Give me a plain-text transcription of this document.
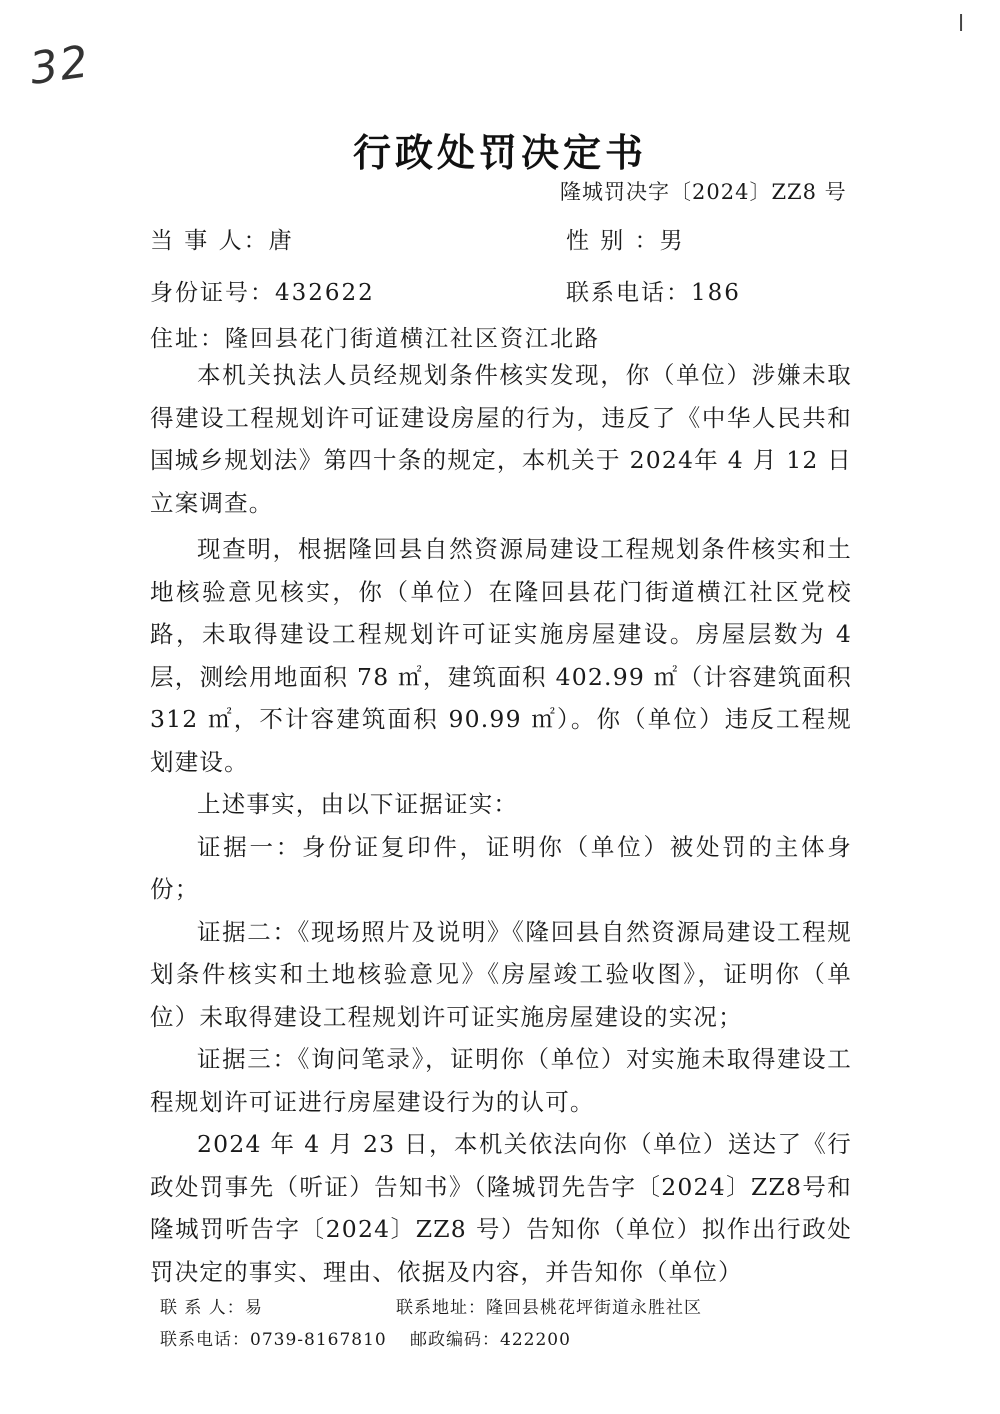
32
l
行政处罚决定书
隆城罚决字〔2024〕ZZ8 号
当 事 人：唐	性 别 ：男
身份证号：432622	联系电话：186
住址：隆回县花门街道横江社区资江北路

本机关执法人员经规划条件核实发现，你（单位）涉嫌未取得建设工程规划许可证建设房屋的行为，违反了《中华人民共和国城乡规划法》第四十条的规定，本机关于 2024年 4 月 12 日立案调查。

现查明，根据隆回县自然资源局建设工程规划条件核实和土地核验意见核实，你（单位）在隆回县花门街道横江社区党校路，未取得建设工程规划许可证实施房屋建设。房屋层数为 4 层，测绘用地面积 78 ㎡，建筑面积 402.99 ㎡（计容建筑面积 312 ㎡，不计容建筑面积 90.99 ㎡）。你（单位）违反工程规划建设。

上述事实，由以下证据证实：

证据一：身份证复印件，证明你（单位）被处罚的主体身份；

证据二：《现场照片及说明》《隆回县自然资源局建设工程规划条件核实和土地核验意见》《房屋竣工验收图》，证明你（单位）未取得建设工程规划许可证实施房屋建设的实况；

证据三：《询问笔录》，证明你（单位）对实施未取得建设工程规划许可证进行房屋建设行为的认可。

2024 年 4 月 23 日，本机关依法向你（单位）送达了《行政处罚事先（听证）告知书》（隆城罚先告字〔2024〕ZZ8号和隆城罚听告字〔2024〕ZZ8 号）告知你（单位）拟作出行政处罚决定的事实、理由、依据及内容，并告知你（单位）

联 系 人：易	联系地址：隆回县桃花坪街道永胜社区
联系电话：0739-8167810 邮政编码：422200
